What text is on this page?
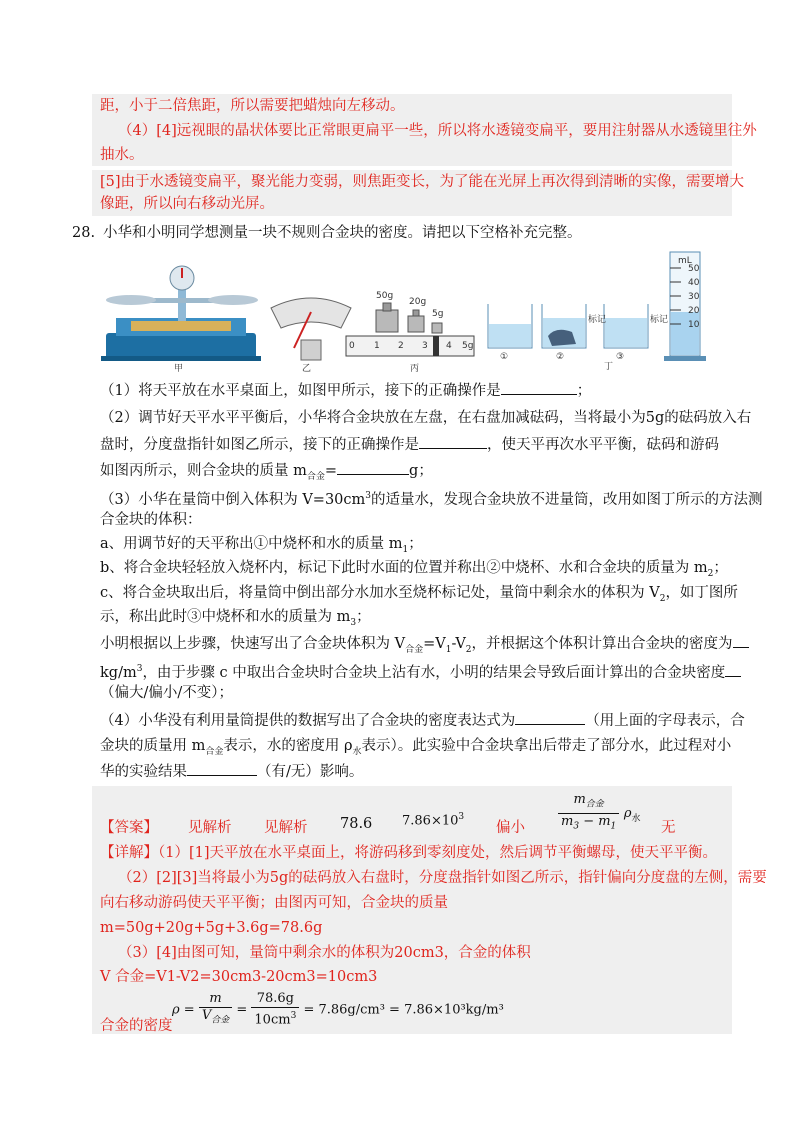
距，小于二倍焦距，所以需要把蜡烛向左移动。
（4）[4]远视眼的晶状体要比正常眼更扁平一些，所以将水透镜变扁平，要用注射器从水透镜里往外
抽水。
[5]由于水透镜变扁平，聚光能力变弱，则焦距变长，为了能在光屏上再次得到清晰的实像，需要增大
像距，所以向右移动光屏。
28. 小华和小明同学想测量一块不规则合金块的密度。请把以下空格补充完整。
甲	乙	丙	丁
50g
20g
5g
0 1 2 3 4 5g
①	②	③
标记	标记
mL
50
40
30
20
10
（1）将天平放在水平桌面上，如图甲所示，接下的正确操作是	；
（2）调节好天平水平平衡后，小华将合金块放在左盘，在右盘加减砝码，当将最小为5g的砝码放入右
盘时，分度盘指针如图乙所示，接下的正确操作是	，使天平再次水平平衡，砝码和游码
如图丙所示，则合金块的质量 $m_{合金}=$	g；
（3）小华在量筒中倒入体积为 $V=30cm^3$的适量水，发现合金块放不进量筒，改用如图丁所示的方法测
合金块的体积：
a、用调节好的天平称出①中烧杯和水的质量 $m_1$；
b、将合金块轻轻放入烧杯内，标记下此时水面的位置并称出②中烧杯、水和合金块的质量为 $m_2$；
c、将合金块取出后，将量筒中倒出部分水加水至烧杯标记处，量筒中剩余水的体积为 $V_2$，如丁图所
示，称出此时③中烧杯和水的质量为 $m_3$；
小明根据以上步骤，快速写出了合金块体积为 $V_{合金}=V_1-V_2$，并根据这个体积计算出合金块的密度为
$kg/m^3$，由于步骤 c 中取出合金块时合金块上沾有水，小明的结果会导致后面计算出的合金块密度
（偏大/偏小/不变）；
（4）小华没有利用量筒提供的数据写出了合金块的密度表达式为	（用上面的字母表示，合
金块的质量用 $m_{合金}$表示，水的密度用 $\rho_水$表示）。此实验中合金块拿出后带走了部分水，此过程对小
华的实验结果	（有/无）影响。
【答案】 见解析 见解析 78.6 $7.86\times 10^3$
偏小	$\frac{m_{合金}}{m_3 - m_1} \rho_水$
无
【详解】（1）[1]天平放在水平桌面上，将游码移到零刻度处，然后调节平衡螺母，使天平平衡。
（2）[2][3]当将最小为5g的砝码放入右盘时，分度盘指针如图乙所示，指针偏向分度盘的左侧，需要
向右移动游码使天平平衡；由图丙可知，合金块的质量
m=50g+20g+5g+3.6g=78.6g
（3）[4]由图可知，量筒中剩余水的体积为20cm3，合金的体积
V 合金=V1-V2=30cm3-20cm3=10cm3
$\rho = \frac{m}{V_{合金}} = \frac{78.6g}{10cm^3} = 7.86g/cm^3 = 7.86\times 10^3kg/m^3$
合金的密度
